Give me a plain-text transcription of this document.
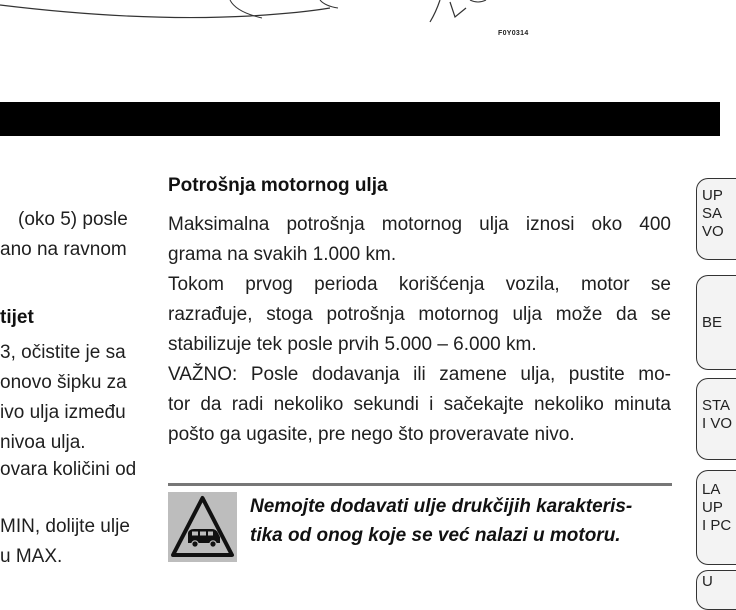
F0Y0314
(oko 5) posle
ano na ravnom
tijet
3, očistite je sa
onovo šipku za
ivo ulja između
nivoa ulja.
ovara količini od
MIN, dolijte ulje
u MAX.
Potrošnja motornog ulja
Maksimalna potrošnja motornog ulja iznosi oko 400
grama na svakih 1.000 km.
Tokom prvog perioda korišćenja vozila, motor se
razrađuje, stoga potrošnja motornog ulja može da se
stabilizuje tek posle prvih 5.000 – 6.000 km.
VAŽNO: Posle dodavanja ili zamene ulja, pustite mo-
tor da radi nekoliko sekundi i sačekajte nekoliko minuta
pošto ga ugasite, pre nego što proveravate nivo.
Nemojte dodavati ulje drukčijih karakteris-
tika od onog koje se već nalazi u motoru.
UP
SA
VO
BE
STA
I VO
LA
UP
I PC
U
